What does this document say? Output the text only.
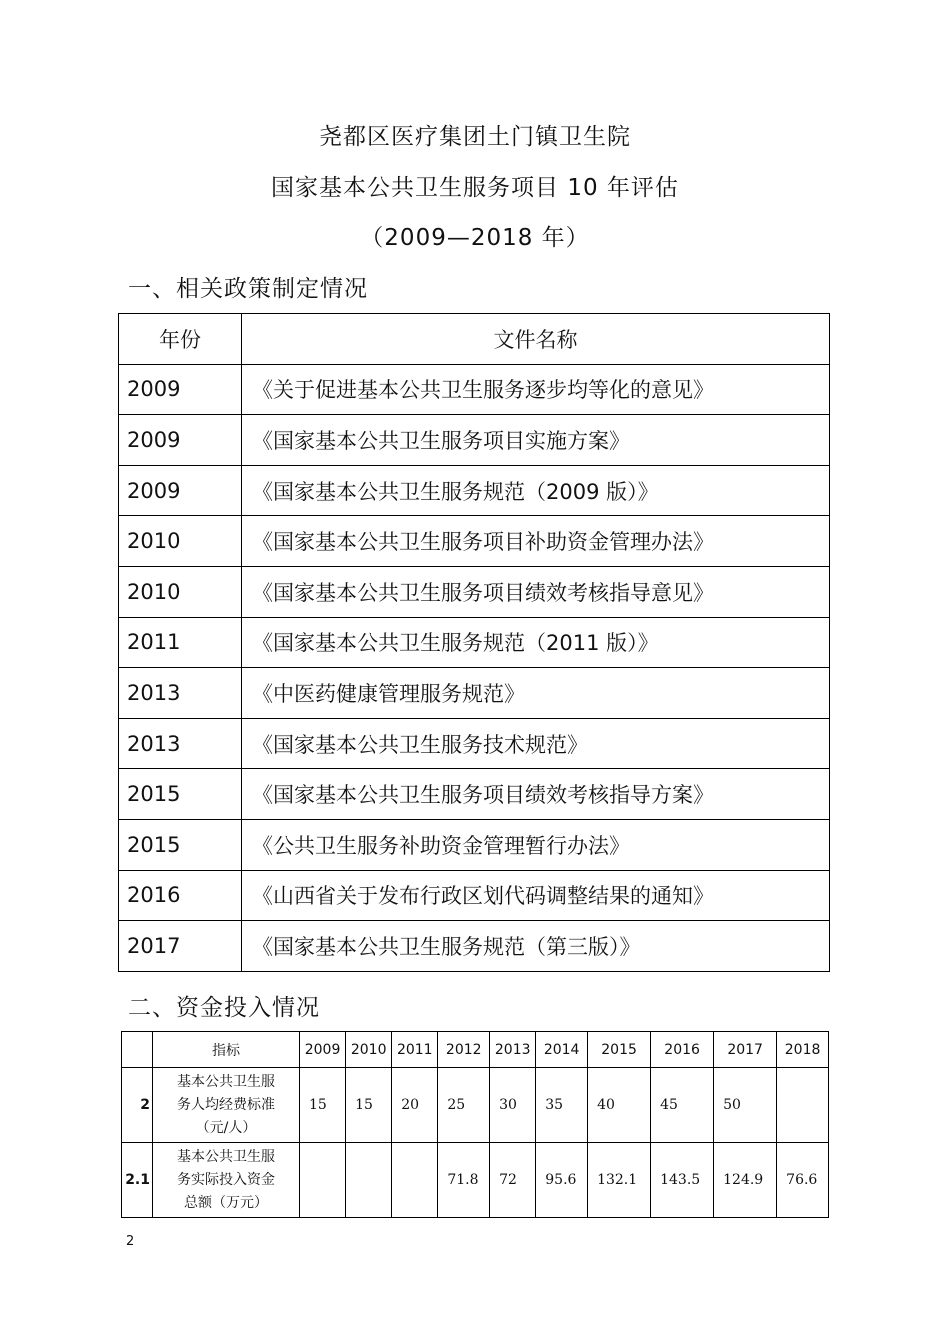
尧都区医疗集团土门镇卫生院
国家基本公共卫生服务项目 10 年评估
（2009—2018 年）
一、相关政策制定情况
年份	文件名称
2009	《关于促进基本公共卫生服务逐步均等化的意见》
2009	《国家基本公共卫生服务项目实施方案》
2009	《国家基本公共卫生服务规范（2009 版）》
2010	《国家基本公共卫生服务项目补助资金管理办法》
2010	《国家基本公共卫生服务项目绩效考核指导意见》
2011	《国家基本公共卫生服务规范（2011 版）》
2013	《中医药健康管理服务规范》
2013	《国家基本公共卫生服务技术规范》
2015	《国家基本公共卫生服务项目绩效考核指导方案》
2015	《公共卫生服务补助资金管理暂行办法》
2016	《山西省关于发布行政区划代码调整结果的通知》
2017	《国家基本公共卫生服务规范（第三版）》
二、资金投入情况
	指标	2009	2010	2011	2012	2013	2014	2015	2016	2017	2018
2	基本公共卫生服
务人均经费标准
（元/人）	15	15	20	25	30	35	40	45	50	
2.1	基本公共卫生服
务实际投入资金
总额（万元）				71.8	72	95.6	132.1	143.5	124.9	76.6
2
